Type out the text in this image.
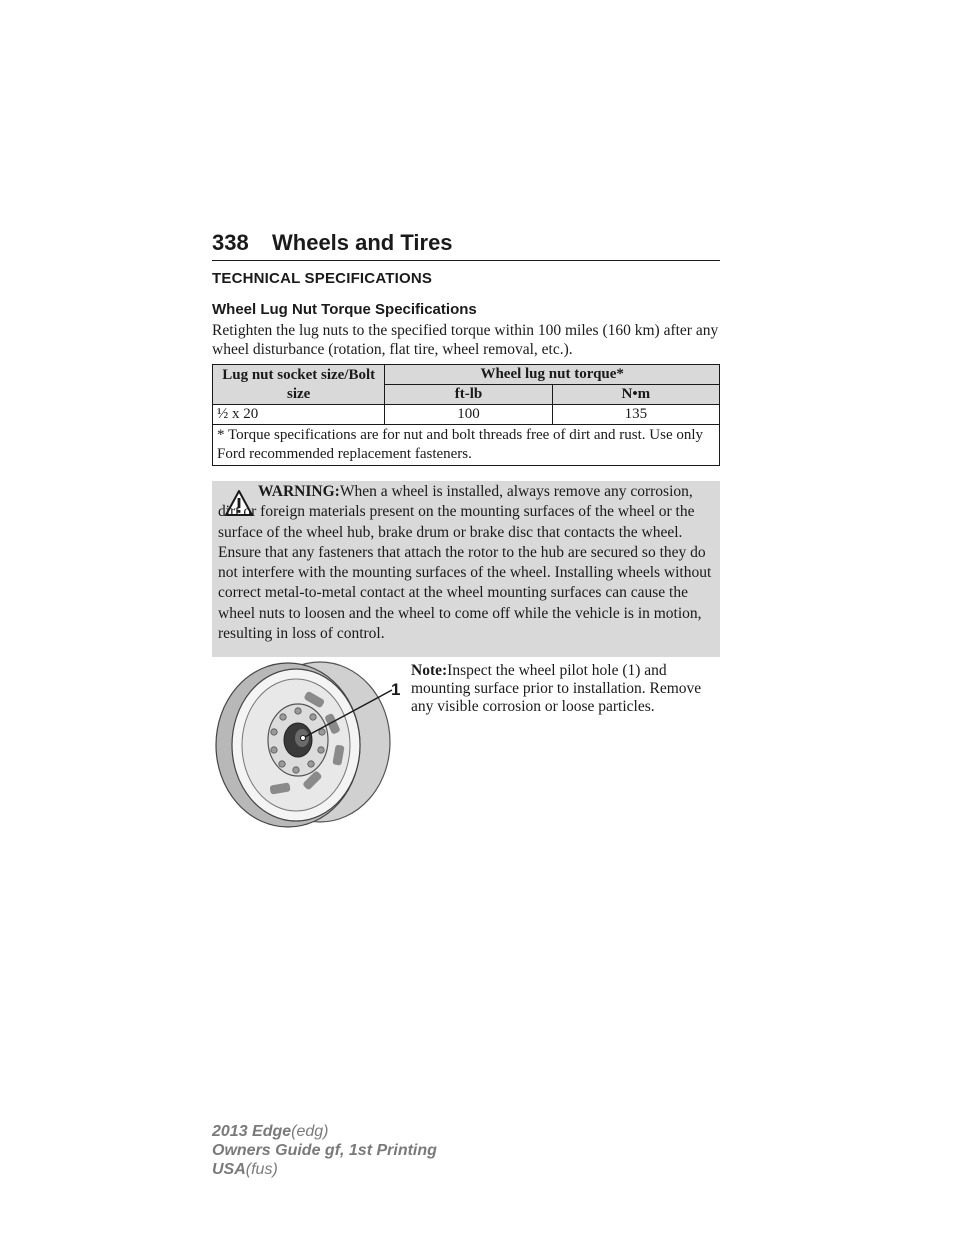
338 Wheels and Tires
TECHNICAL SPECIFICATIONS
Wheel Lug Nut Torque Specifications
Retighten the lug nuts to the specified torque within 100 miles (160 km) after any wheel disturbance (rotation, flat tire, wheel removal, etc.).
Lug nut socket size/Bolt size	Wheel lug nut torque*	
	ft-lb	N•m
½ x 20	100	135
* Torque specifications are for nut and bolt threads free of dirt and rust. Use only Ford recommended replacement fasteners.		
WARNING:When a wheel is installed, always remove any corrosion, dirt or foreign materials present on the mounting surfaces of the wheel or the surface of the wheel hub, brake drum or brake disc that contacts the wheel. Ensure that any fasteners that attach the rotor to the hub are secured so they do not interfere with the mounting surfaces of the wheel. Installing wheels without correct metal-to-metal contact at the wheel mounting surfaces can cause the wheel nuts to loosen and the wheel to come off while the vehicle is in motion, resulting in loss of control.
1
Note:Inspect the wheel pilot hole (1) and mounting surface prior to installation. Remove any visible corrosion or loose particles.
2013 Edge(edg)
Owners Guide gf, 1st Printing
USA(fus)
